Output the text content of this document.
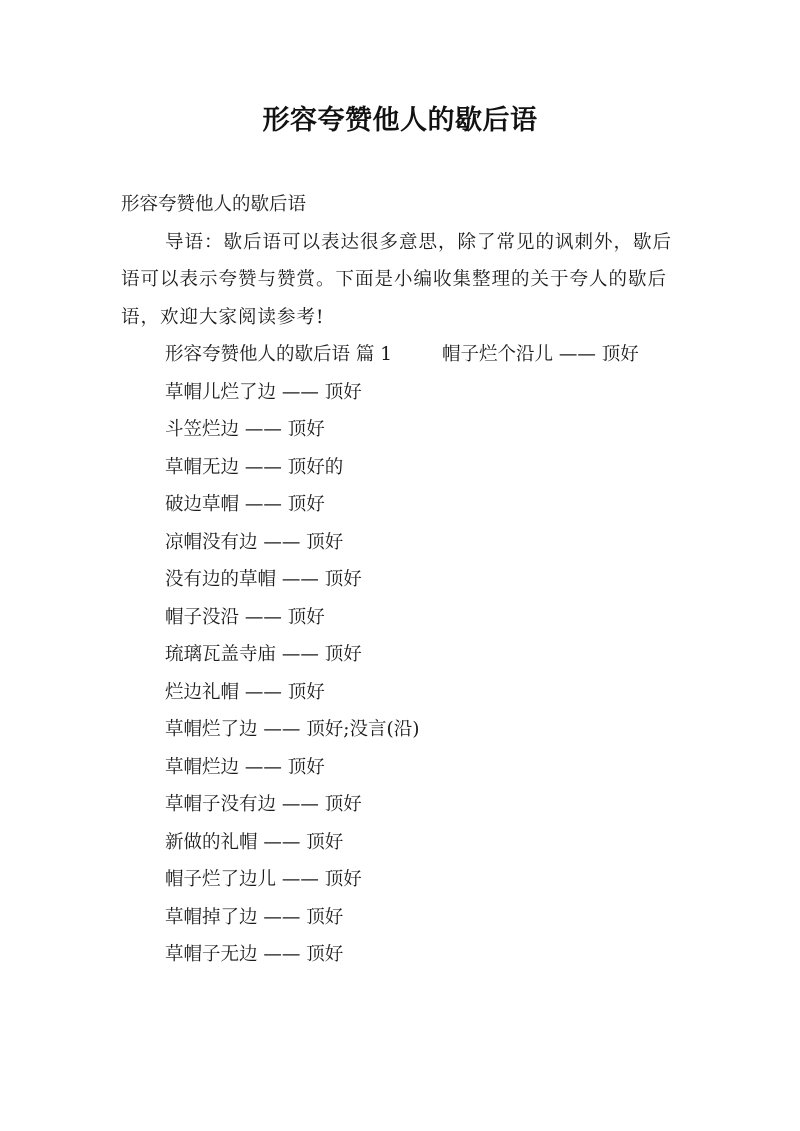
形容夸赞他人的歇后语
形容夸赞他人的歇后语
导语：歇后语可以表达很多意思，除了常见的讽刺外，歇后语可以表示夸赞与赞赏。下面是小编收集整理的关于夸人的歇后语，欢迎大家阅读参考!
形容夸赞他人的歇后语 篇 1	帽子烂个沿儿 —— 顶好
草帽儿烂了边 —— 顶好
斗笠烂边 —— 顶好
草帽无边 —— 顶好的
破边草帽 —— 顶好
凉帽没有边 —— 顶好
没有边的草帽 —— 顶好
帽子没沿 —— 顶好
琉璃瓦盖寺庙 —— 顶好
烂边礼帽 —— 顶好
草帽烂了边 —— 顶好;没言(沿)
草帽烂边 —— 顶好
草帽子没有边 —— 顶好
新做的礼帽 —— 顶好
帽子烂了边儿 —— 顶好
草帽掉了边 —— 顶好
草帽子无边 —— 顶好
